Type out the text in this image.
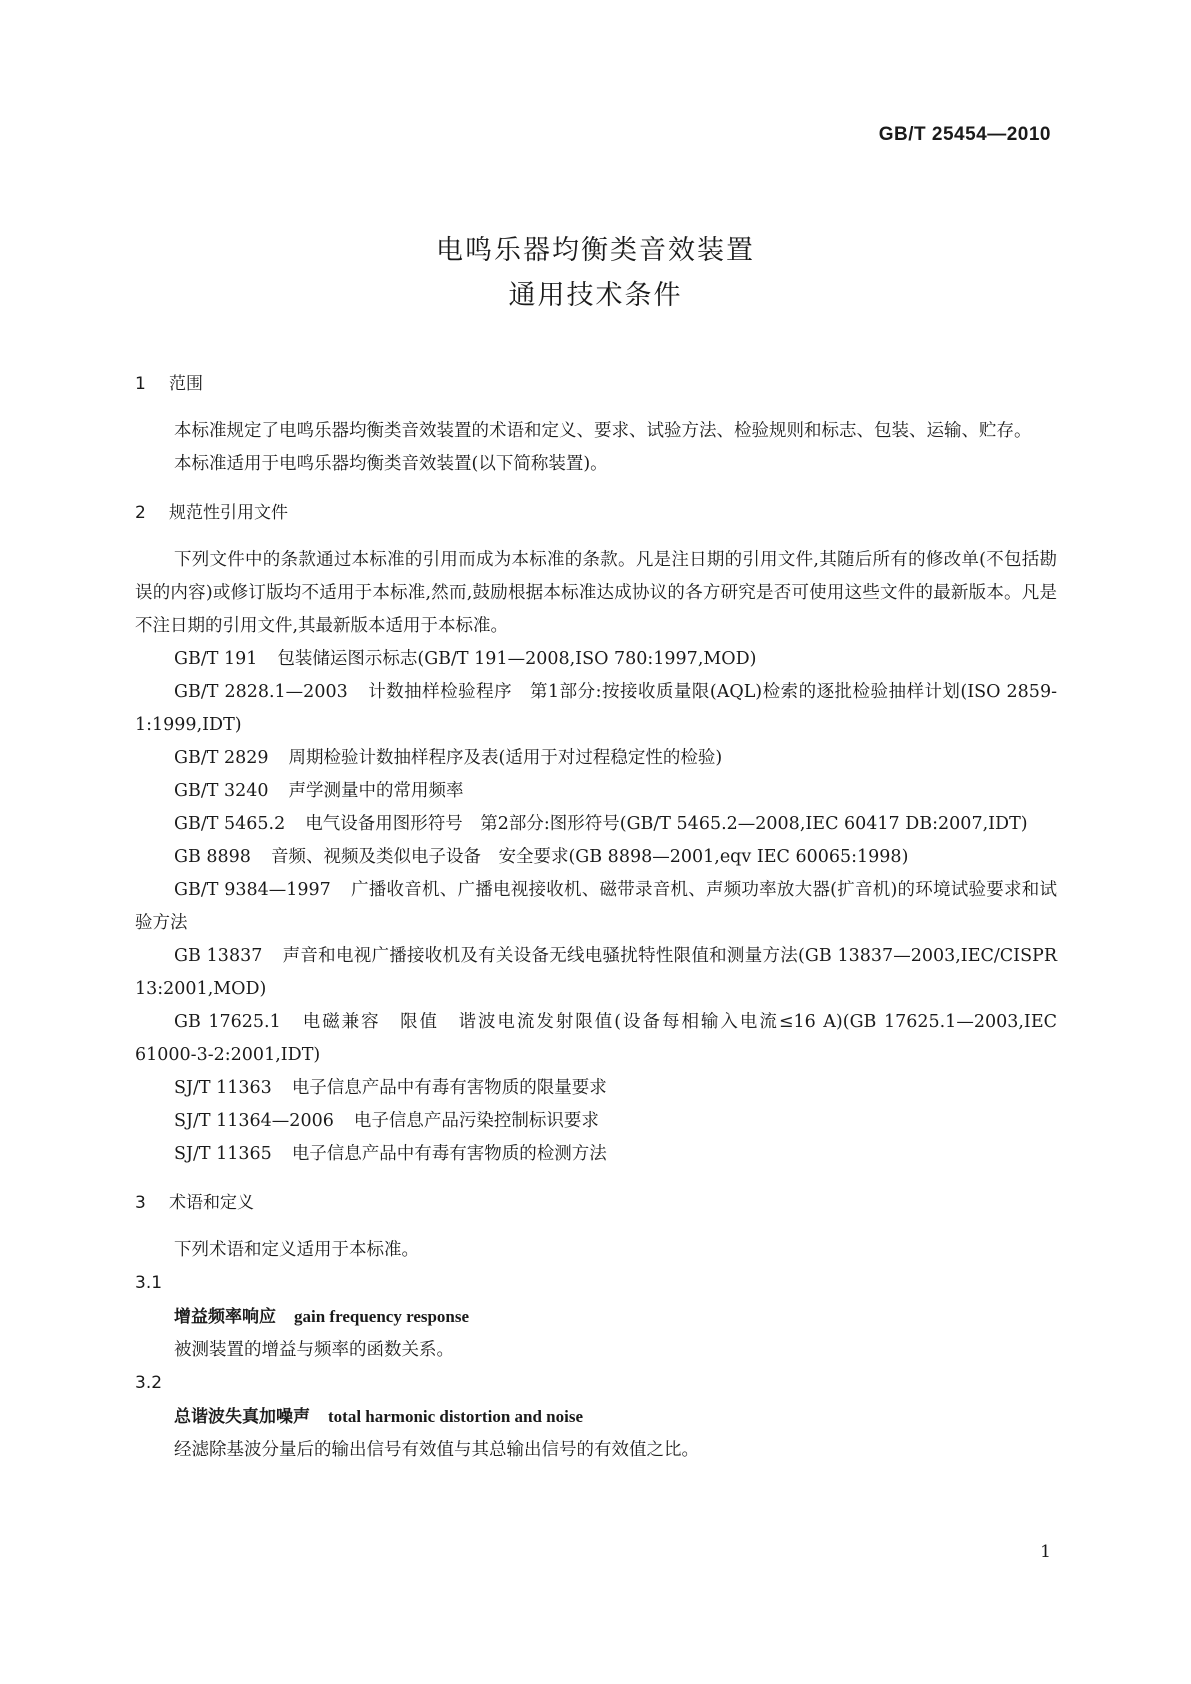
GB/T 25454—2010
电鸣乐器均衡类音效装置
通用技术条件

1 范围

本标准规定了电鸣乐器均衡类音效装置的术语和定义、要求、试验方法、检验规则和标志、包装、运输、贮存。

本标准适用于电鸣乐器均衡类音效装置(以下简称装置)。

2 规范性引用文件

下列文件中的条款通过本标准的引用而成为本标准的条款。凡是注日期的引用文件,其随后所有的修改单(不包括勘误的内容)或修订版均不适用于本标准,然而,鼓励根据本标准达成协议的各方研究是否可使用这些文件的最新版本。凡是不注日期的引用文件,其最新版本适用于本标准。

GB/T 191 包装储运图示标志(GB/T 191—2008,ISO 780:1997,MOD)

GB/T 2828.1—2003 计数抽样检验程序　第1部分:按接收质量限(AQL)检索的逐批检验抽样计划(ISO 2859-1:1999,IDT)

GB/T 2829 周期检验计数抽样程序及表(适用于对过程稳定性的检验)

GB/T 3240 声学测量中的常用频率

GB/T 5465.2 电气设备用图形符号　第2部分:图形符号(GB/T 5465.2—2008,IEC 60417 DB:2007,IDT)

GB 8898 音频、视频及类似电子设备　安全要求(GB 8898—2001,eqv IEC 60065:1998)

GB/T 9384—1997 广播收音机、广播电视接收机、磁带录音机、声频功率放大器(扩音机)的环境试验要求和试验方法

GB 13837 声音和电视广播接收机及有关设备无线电骚扰特性限值和测量方法(GB 13837—2003,IEC/CISPR 13:2001,MOD)

GB 17625.1 电磁兼容　限值　谐波电流发射限值(设备每相输入电流≤16 A)(GB 17625.1—2003,IEC 61000-3-2:2001,IDT)

SJ/T 11363 电子信息产品中有毒有害物质的限量要求

SJ/T 11364—2006 电子信息产品污染控制标识要求

SJ/T 11365 电子信息产品中有毒有害物质的检测方法

3 术语和定义

下列术语和定义适用于本标准。

3.1

增益频率响应 gain frequency response

被测装置的增益与频率的函数关系。

3.2

总谐波失真加噪声 total harmonic distortion and noise

经滤除基波分量后的输出信号有效值与其总输出信号的有效值之比。

1
